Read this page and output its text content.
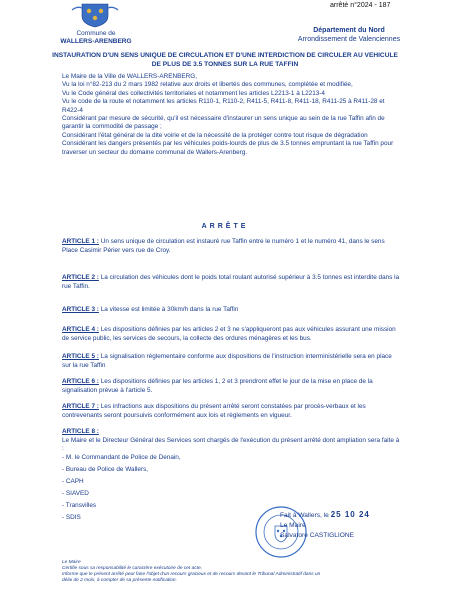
Commune de
WALLERS-ARENBERG
arrêté n°2024 - 187
Département du Nord
Arrondissement de Valenciennes
INSTAURATION D'UN SENS UNIQUE DE CIRCULATION ET D'UNE INTERDICTION DE CIRCULER AU VEHICULE DE PLUS DE 3.5 TONNES SUR LA RUE TAFFIN

Le Maire de la Ville de WALLERS-ARENBERG,

Vu la loi n°82-213 du 2 mars 1982 relative aux droits et libertés des communes, complétée et modifiée,

Vu le Code général des collectivités territoriales et notamment les articles L2213-1 à L2213-4

Vu le code de la route et notamment les articles R110-1, R110-2, R411-5, R411-8, R411-18, R411-25 à R411-28 et R422-4

Considérant par mesure de sécurité, qu'il est nécessaire d'instaurer un sens unique au sein de la rue Taffin afin de garantir la commodité de passage ;

Considérant l'état général de la dite voirie et de la nécessité de la protéger contre tout risque de dégradation

Considérant les dangers présentés par les véhicules poids-lourds de plus de 3.5 tonnes empruntant la rue Taffin pour traverser un secteur du domaine communal de Wallers-Arenberg.

ARRÊTE

ARTICLE 1 : Un sens unique de circulation est instauré rue Taffin entre le numéro 1 et le numéro 41, dans le sens Place Casimir Périer vers rue de Croy.

ARTICLE 2 : La circulation des véhicules dont le poids total roulant autorisé supérieur à 3.5 tonnes est interdite dans la rue Taffin.

ARTICLE 3 : La vitesse est limitée à 30km/h dans la rue Taffin

ARTICLE 4 : Les dispositions définies par les articles 2 et 3 ne s'appliqueront pas aux véhicules assurant une mission de service public, les services de secours, la collecte des ordures ménagères et les bus.

ARTICLE 5 : La signalisation réglementaire conforme aux dispositions de l'instruction interministérielle sera en place sur la rue Taffin

ARTICLE 6 : Les dispositions définies par les articles 1, 2 et 3 prendront effet le jour de la mise en place de la signalisation prévue à l'article 5.

ARTICLE 7 : Les infractions aux dispositions du présent arrêté seront constatées par procès-verbaux et les contrevenants seront poursuivis conformément aux lois et règlements en vigueur.

ARTICLE 8 :
Le Maire et le Directeur Général des Services sont chargés de l'exécution du présent arrêté dont ampliation sera faite à :
- M. le Commandant de Police de Denain,
- Bureau de Police de Wallers,
- CAPH
- SIAVED
- Transvilles
- SDIS	Fait à Wallers, le 25 10 24
Le Maire
Salvatore CASTIGLIONE

Le Maire

Certifie sous sa responsabilité le caractère exécutoire de cet acte.

Informe que le présent arrêté peut faire l'objet d'un recours gracieux et de recours devant le Tribunal Administratif dans un

délai de 2 mois, à compter de sa présente notification.
